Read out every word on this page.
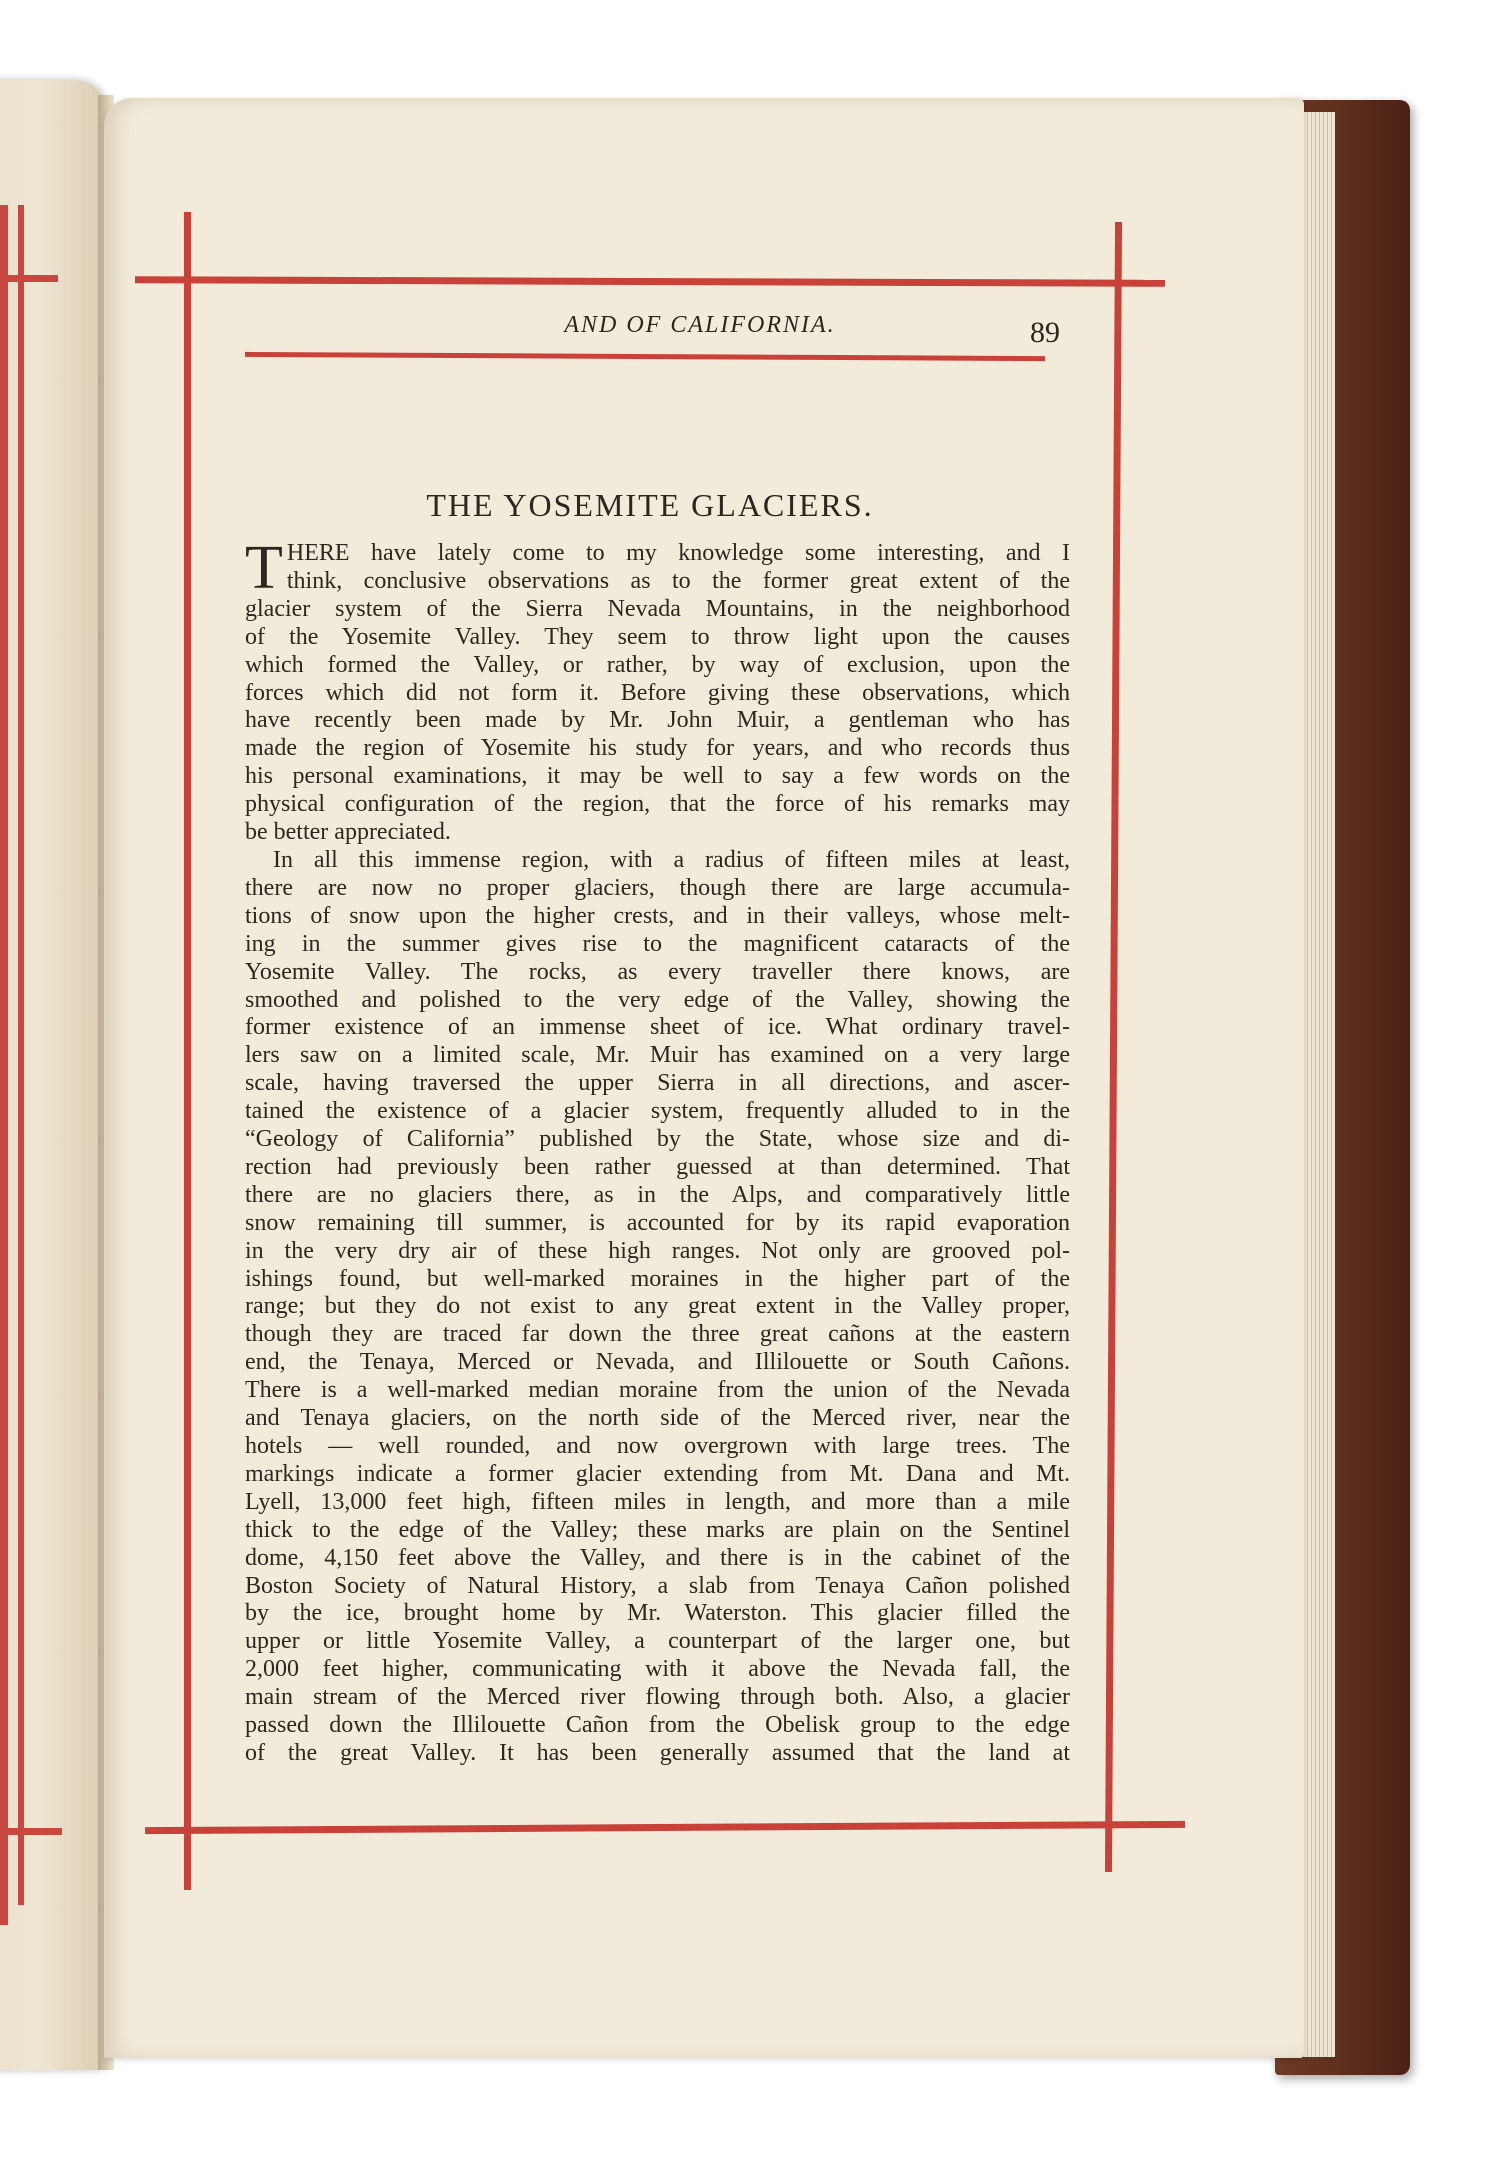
AND OF CALIFORNIA.	89
THE YOSEMITE GLACIERS.
T HERE have lately come to my knowledge some interesting, and I
think, conclusive observations as to the former great extent of the
glacier system of the Sierra Nevada Mountains, in the neighborhood
of the Yosemite Valley. They seem to throw light upon the causes
which formed the Valley, or rather, by way of exclusion, upon the
forces which did not form it. Before giving these observations, which
have recently been made by Mr. John Muir, a gentleman who has
made the region of Yosemite his study for years, and who records thus
his personal examinations, it may be well to say a few words on the
physical configuration of the region, that the force of his remarks may
be better appreciated.
In all this immense region, with a radius of fifteen miles at least,
there are now no proper glaciers, though there are large accumula-
tions of snow upon the higher crests, and in their valleys, whose melt-
ing in the summer gives rise to the magnificent cataracts of the
Yosemite Valley. The rocks, as every traveller there knows, are
smoothed and polished to the very edge of the Valley, showing the
former existence of an immense sheet of ice. What ordinary travel-
lers saw on a limited scale, Mr. Muir has examined on a very large
scale, having traversed the upper Sierra in all directions, and ascer-
tained the existence of a glacier system, frequently alluded to in the
“Geology of California” published by the State, whose size and di-
rection had previously been rather guessed at than determined. That
there are no glaciers there, as in the Alps, and comparatively little
snow remaining till summer, is accounted for by its rapid evaporation
in the very dry air of these high ranges. Not only are grooved pol-
ishings found, but well-marked moraines in the higher part of the
range; but they do not exist to any great extent in the Valley proper,
though they are traced far down the three great cañons at the eastern
end, the Tenaya, Merced or Nevada, and Illilouette or South Cañons.
There is a well-marked median moraine from the union of the Nevada
and Tenaya glaciers, on the north side of the Merced river, near the
hotels — well rounded, and now overgrown with large trees. The
markings indicate a former glacier extending from Mt. Dana and Mt.
Lyell, 13,000 feet high, fifteen miles in length, and more than a mile
thick to the edge of the Valley; these marks are plain on the Sentinel
dome, 4,150 feet above the Valley, and there is in the cabinet of the
Boston Society of Natural History, a slab from Tenaya Cañon polished
by the ice, brought home by Mr. Waterston. This glacier filled the
upper or little Yosemite Valley, a counterpart of the larger one, but
2,000 feet higher, communicating with it above the Nevada fall, the
main stream of the Merced river flowing through both. Also, a glacier
passed down the Illilouette Cañon from the Obelisk group to the edge
of the great Valley. It has been generally assumed that the land at
